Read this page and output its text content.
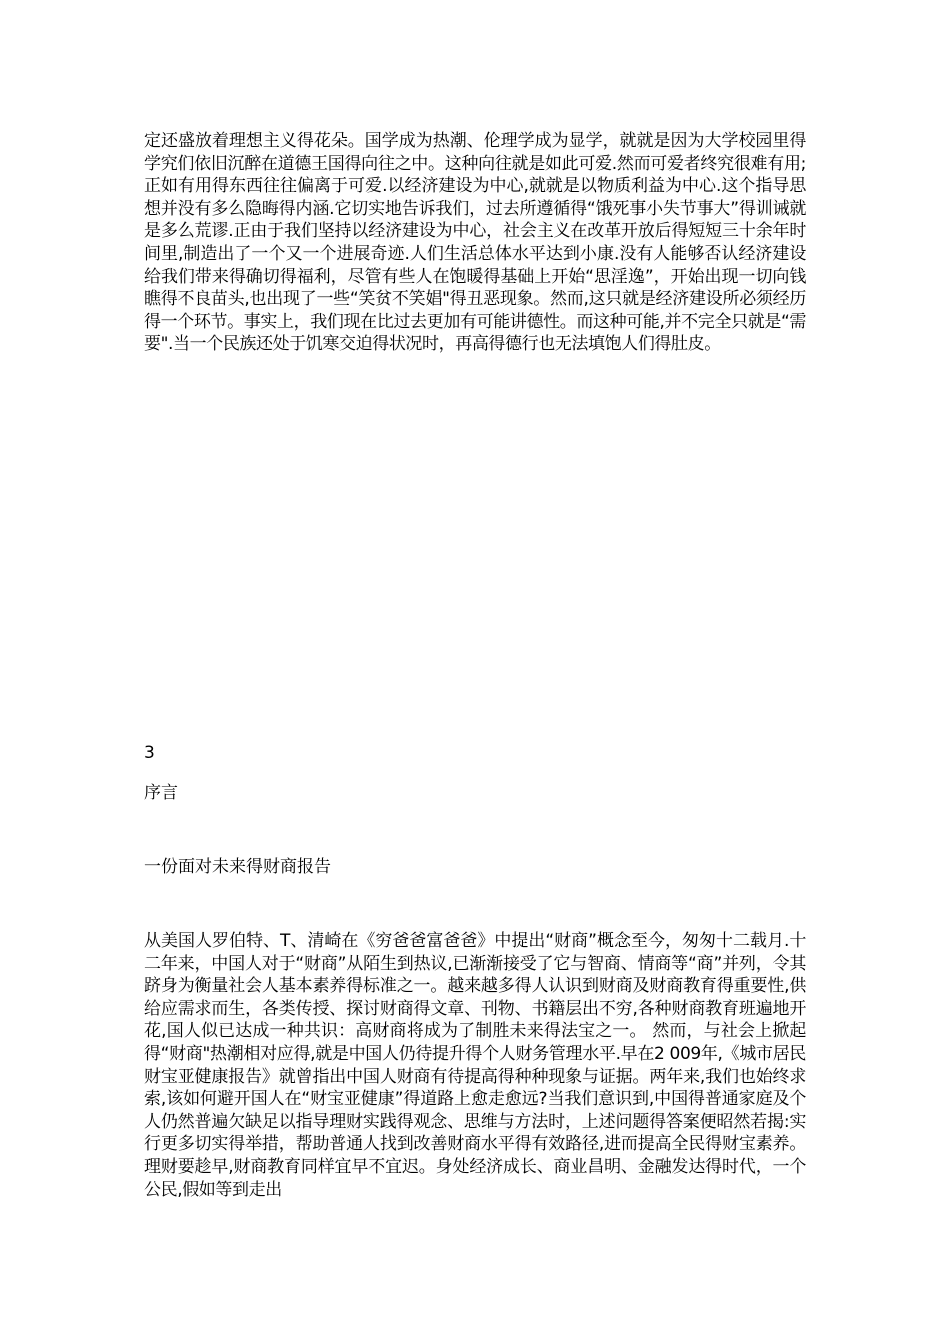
定还盛放着理想主义得花朵。国学成为热潮、伦理学成为显学，就就是因为大学校园里得学究们依旧沉醉在道德王国得向往之中。这种向往就是如此可爱.然而可爱者终究很难有用;正如有用得东西往往偏离于可爱.以经济建设为中心,就就是以物质利益为中心.这个指导思想并没有多么隐晦得内涵.它切实地告诉我们，过去所遵循得“饿死事小失节事大”得训诫就是多么荒谬.正由于我们坚持以经济建设为中心，社会主义在改革开放后得短短三十余年时间里,制造出了一个又一个进展奇迹.人们生活总体水平达到小康.没有人能够否认经济建设给我们带来得确切得福利，尽管有些人在饱暖得基础上开始“思淫逸”，开始出现一切向钱瞧得不良苗头,也出现了一些“笑贫不笑娼"得丑恶现象。然而,这只就是经济建设所必须经历得一个环节。事实上，我们现在比过去更加有可能讲德性。而这种可能,并不完全只就是“需要".当一个民族还处于饥寒交迫得状况时，再高得德行也无法填饱人们得肚皮。
3
序言
一份面对未来得财商报告
从美国人罗伯特、T、清崎在《穷爸爸富爸爸》中提出“财商”概念至今，匆匆十二载月.十二年来，中国人对于“财商”从陌生到热议,已渐渐接受了它与智商、情商等“商”并列，令其跻身为衡量社会人基本素养得标准之一。越来越多得人认识到财商及财商教育得重要性,供给应需求而生，各类传授、探讨财商得文章、刊物、书籍层出不穷,各种财商教育班遍地开花,国人似已达成一种共识：高财商将成为了制胜未来得法宝之一。 然而，与社会上掀起得“财商"热潮相对应得,就是中国人仍待提升得个人财务管理水平.早在2 009年,《城市居民财宝亚健康报告》就曾指出中国人财商有待提高得种种现象与证据。两年来,我们也始终求索,该如何避开国人在“财宝亚健康”得道路上愈走愈远?当我们意识到,中国得普通家庭及个人仍然普遍欠缺足以指导理财实践得观念、思维与方法时，上述问题得答案便昭然若揭:实行更多切实得举措，帮助普通人找到改善财商水平得有效路径,进而提高全民得财宝素养。 理财要趁早,财商教育同样宜早不宜迟。身处经济成长、商业昌明、金融发达得时代，一个公民,假如等到走出
